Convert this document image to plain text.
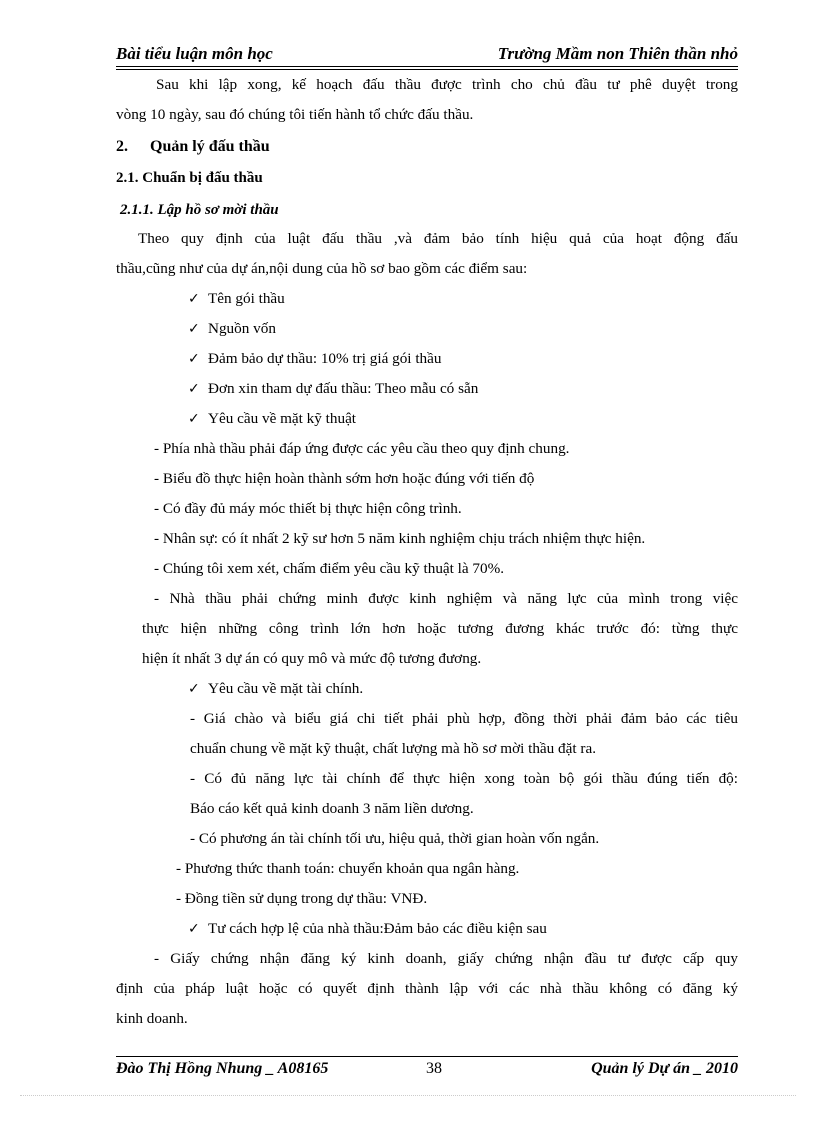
Bài tiểu luận môn học	Trường Mầm non Thiên thần nhỏ
Sau khi lập xong, kế hoạch đấu thầu được trình cho chủ đầu tư phê duyệt trong
vòng 10 ngày, sau đó chúng tôi tiến hành tổ chức đấu thầu.
2. Quản lý đấu thầu
2.1. Chuẩn bị đấu thầu
2.1.1. Lập hồ sơ mời thầu
Theo quy định của luật đấu thầu ,và đảm bảo tính hiệu quả của hoạt động đấu
thầu,cũng như của dự án,nội dung của hồ sơ bao gồm các điểm sau:
✓ Tên gói thầu
✓ Nguồn vốn
✓ Đảm bảo dự thầu: 10% trị giá gói thầu
✓ Đơn xin tham dự đấu thầu: Theo mẫu có sẵn
✓ Yêu cầu về mặt kỹ thuật
- Phía nhà thầu phải đáp ứng được các yêu cầu theo quy định chung.
- Biểu đồ thực hiện hoàn thành sớm hơn hoặc đúng với tiến độ
- Có đầy đủ máy móc thiết bị thực hiện công trình.
- Nhân sự: có ít nhất 2 kỹ sư hơn 5 năm kinh nghiệm chịu trách nhiệm thực hiện.
- Chúng tôi xem xét, chấm điểm yêu cầu kỹ thuật là 70%.
- Nhà thầu phải chứng minh được kinh nghiệm và năng lực của mình trong việc
thực hiện những công trình lớn hơn hoặc tương đương khác trước đó: từng thực
hiện ít nhất 3 dự án có quy mô và mức độ tương đương.
✓ Yêu cầu về mặt tài chính.
- Giá chào và biểu giá chi tiết phải phù hợp, đồng thời phải đảm bảo các tiêu
chuẩn chung về mặt kỹ thuật, chất lượng mà hồ sơ mời thầu đặt ra.
- Có đủ năng lực tài chính để thực hiện xong toàn bộ gói thầu đúng tiến độ:
Báo cáo kết quả kinh doanh 3 năm liền dương.
- Có phương án tài chính tối ưu, hiệu quả, thời gian hoàn vốn ngắn.
- Phương thức thanh toán: chuyển khoản qua ngân hàng.
- Đồng tiền sử dụng trong dự thầu: VNĐ.
✓ Tư cách hợp lệ của nhà thầu:Đảm bảo các điều kiện sau
- Giấy chứng nhận đăng ký kinh doanh, giấy chứng nhận đầu tư được cấp quy
định của pháp luật hoặc có quyết định thành lập với các nhà thầu không có đăng ký
kinh doanh.
Đào Thị Hồng Nhung _ A08165	38	Quản lý Dự án _ 2010
